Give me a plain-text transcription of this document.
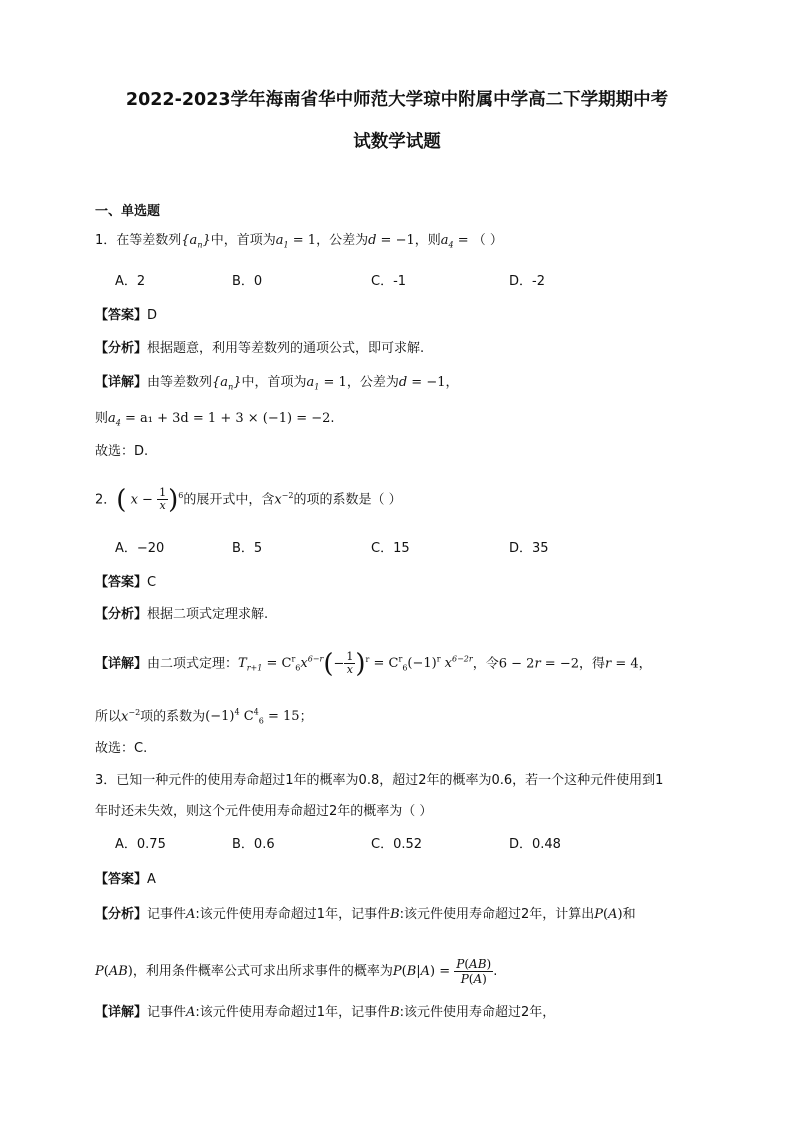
2022-2023学年海南省华中师范大学琼中附属中学高二下学期期中考
试数学试题
一、单选题
1．在等差数列$\{a_n\}$中，首项为$a_1 = 1$，公差为d = −1，则$a_4$ = （ ）
A．2	B．0	C．-1	D．-2
【答案】D
【分析】根据题意，利用等差数列的通项公式，即可求解.
【详解】由等差数列$\{a_n\}$中，首项为$a_1 = 1$，公差为d = −1，
则$a_4 = a_1 + 3d = 1 + 3 \times (-1) = -2$.
故选：D.
2．( $x - \frac{1}{x} )^6$的展开式中，含$x^{-2}$的项的系数是（ ）
A．−20	B．5	C．15	D．35
【答案】C
【分析】根据二项式定理求解.
【详解】由二项式定理：$T_{r+1} = C^r_6x^{6-r}(- \frac{1}{x} )^r = C^r_6(-1)^r$ $x^{6-2r}$，令6 − 2r = −2，得r = 4，
所以$x^{-2}$项的系数为$(-1)^4$ $C^4_6 = 15$；
故选：C.
3．已知一种元件的使用寿命超过1年的概率为0.8，超过2年的概率为0.6，若一个这种元件使用到1
年时还未失效，则这个元件使用寿命超过2年的概率为（ ）
A．0.75	B．0.6	C．0.52	D．0.48
【答案】A
【分析】记事件A:该元件使用寿命超过1年，记事件B:该元件使用寿命超过2年，计算出P(A)和
P(AB)，利用条件概率公式可求出所求事件的概率为$P(B|A) = \frac{P(AB)}{P(A)}$ .
【详解】记事件A:该元件使用寿命超过1年，记事件B:该元件使用寿命超过2年，
